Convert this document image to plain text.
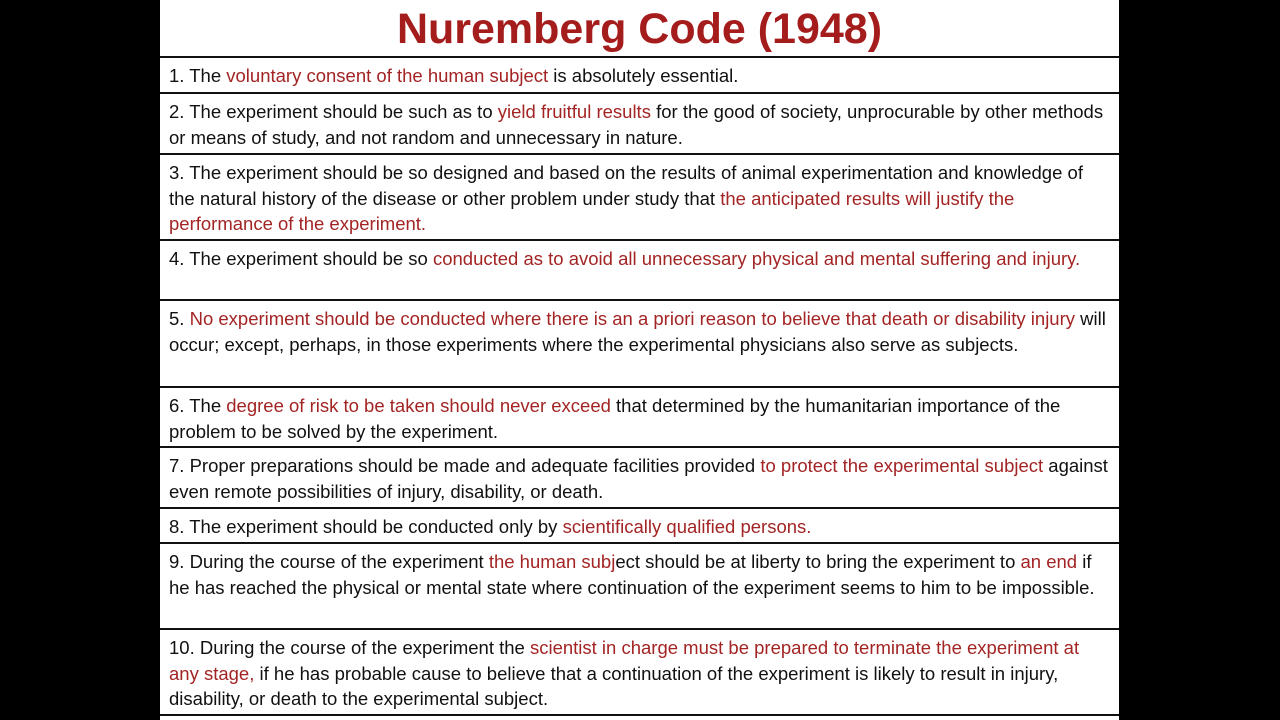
Nuremberg Code (1948)
1. The voluntary consent of the human subject is absolutely essential.
2. The experiment should be such as to yield fruitful results for the good of society, unprocurable by other methods or means of study, and not random and unnecessary in nature.
3. The experiment should be so designed and based on the results of animal experimentation and knowledge of the natural history of the disease or other problem under study that the anticipated results will justify the performance of the experiment.
4. The experiment should be so conducted as to avoid all unnecessary physical and mental suffering and injury.
5. No experiment should be conducted where there is an a priori reason to believe that death or disability injury will occur; except, perhaps, in those experiments where the experimental physicians also serve as subjects.
6. The degree of risk to be taken should never exceed that determined by the humanitarian importance of the problem to be solved by the experiment.
7. Proper preparations should be made and adequate facilities provided to protect the experimental subject against even remote possibilities of injury, disability, or death.
8. The experiment should be conducted only by scientifically qualified persons.
9. During the course of the experiment the human subject should be at liberty to bring the experiment to an end if he has reached the physical or mental state where continuation of the experiment seems to him to be impossible.
10. During the course of the experiment the scientist in charge must be prepared to terminate the experiment at any stage, if he has probable cause to believe that a continuation of the experiment is likely to result in injury, disability, or death to the experimental subject.
